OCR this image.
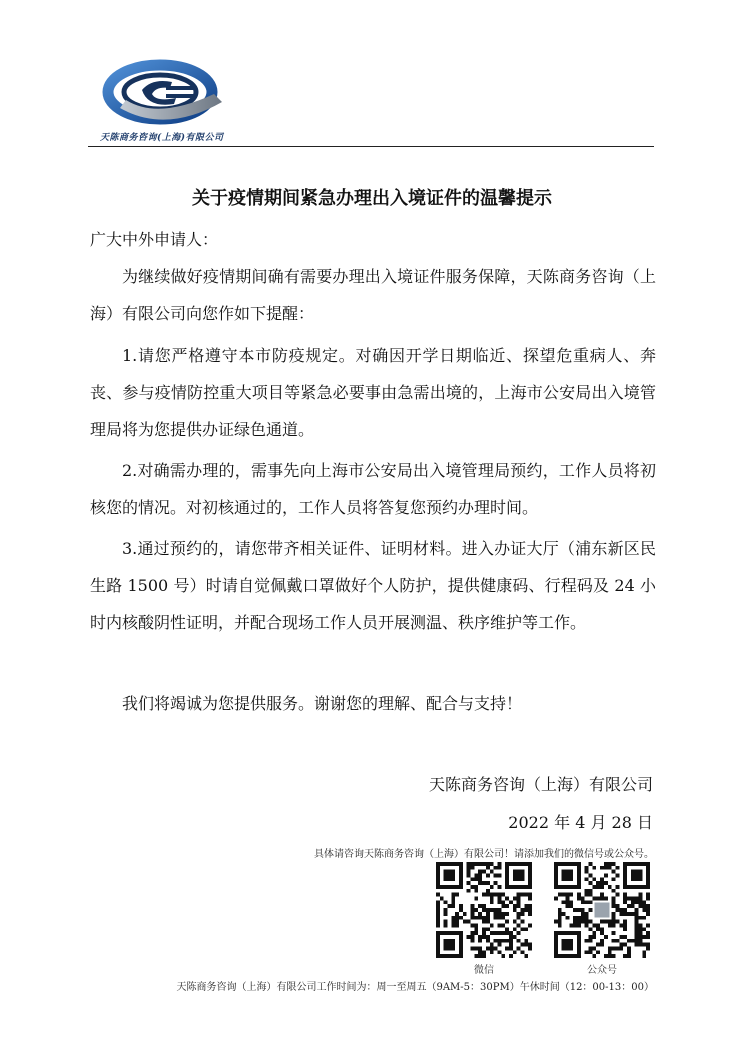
天陈商务咨询(上海)有限公司
关于疫情期间紧急办理出入境证件的温馨提示
广大中外申请人：
为继续做好疫情期间确有需要办理出入境证件服务保障，天陈商务咨询（上海）有限公司向您作如下提醒：
1.请您严格遵守本市防疫规定。对确因开学日期临近、探望危重病人、奔丧、参与疫情防控重大项目等紧急必要事由急需出境的，上海市公安局出入境管理局将为您提供办证绿色通道。
2.对确需办理的，需事先向上海市公安局出入境管理局预约，工作人员将初核您的情况。对初核通过的，工作人员将答复您预约办理时间。
3.通过预约的，请您带齐相关证件、证明材料。进入办证大厅（浦东新区民生路 1500 号）时请自觉佩戴口罩做好个人防护，提供健康码、行程码及 24 小时内核酸阴性证明，并配合现场工作人员开展测温、秩序维护等工作。
我们将竭诚为您提供服务。谢谢您的理解、配合与支持！
天陈商务咨询（上海）有限公司
2022 年 4 月 28 日
具体请咨询天陈商务咨询（上海）有限公司！请添加我们的微信号或公众号。
微信	公众号
天陈商务咨询（上海）有限公司工作时间为：周一至周五（9AM-5：30PM）午休时间（12：00-13：00）
